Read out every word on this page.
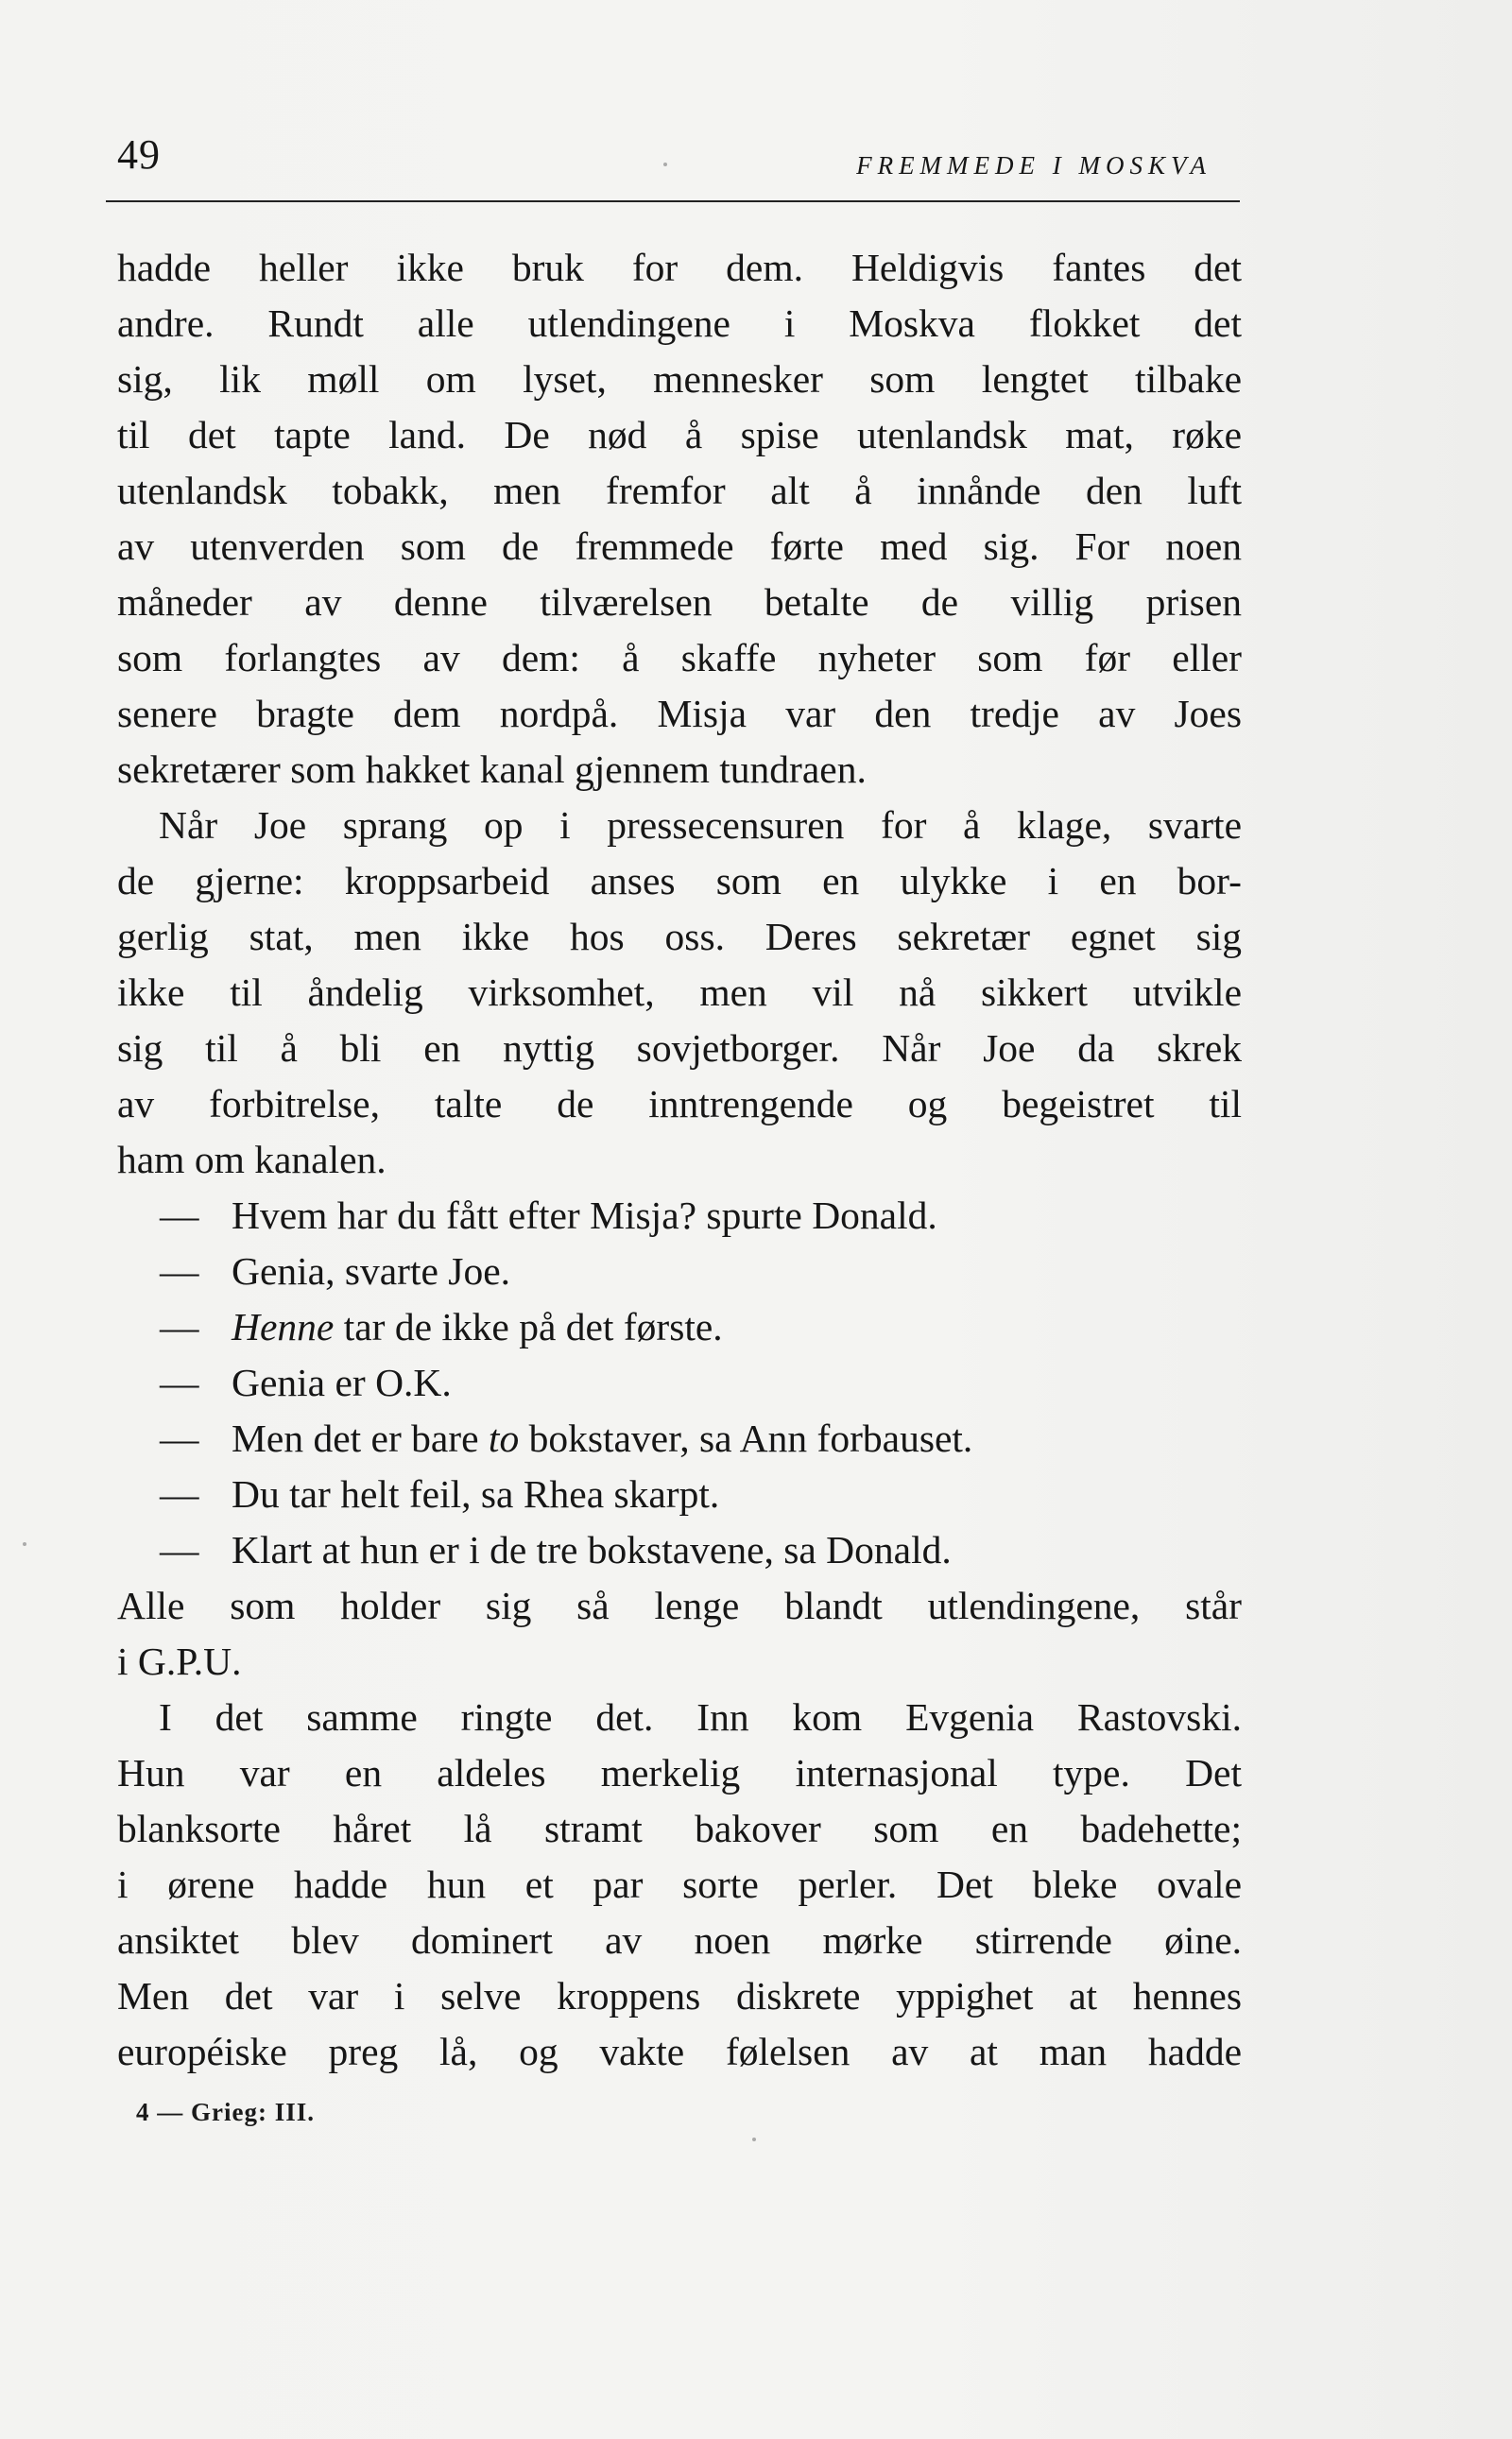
49	FREMMEDE I MOSKVA
hadde heller ikke bruk for dem. Heldigvis fantes det
andre. Rundt alle utlendingene i Moskva flokket det
sig, lik møll om lyset, mennesker som lengtet tilbake
til det tapte land. De nød å spise utenlandsk mat, røke
utenlandsk tobakk, men fremfor alt å innånde den luft
av utenverden som de fremmede førte med sig. For noen
måneder av denne tilværelsen betalte de villig prisen
som forlangtes av dem: å skaffe nyheter som før eller
senere bragte dem nordpå. Misja var den tredje av Joes
sekretærer som hakket kanal gjennem tundraen.
Når Joe sprang op i pressecensuren for å klage, svarte
de gjerne: kroppsarbeid anses som en ulykke i en bor-
gerlig stat, men ikke hos oss. Deres sekretær egnet sig
ikke til åndelig virksomhet, men vil nå sikkert utvikle
sig til å bli en nyttig sovjetborger. Når Joe da skrek
av forbitrelse, talte de inntrengende og begeistret til
ham om kanalen.
— Hvem har du fått efter Misja? spurte Donald.
— Genia, svarte Joe.
— Henne tar de ikke på det første.
— Genia er O.K.
— Men det er bare to bokstaver, sa Ann forbauset.
— Du tar helt feil, sa Rhea skarpt.
— Klart at hun er i de tre bokstavene, sa Donald.
Alle som holder sig så lenge blandt utlendingene, står
i G.P.U.
I det samme ringte det. Inn kom Evgenia Rastovski.
Hun var en aldeles merkelig internasjonal type. Det
blanksorte håret lå stramt bakover som en badehette;
i ørene hadde hun et par sorte perler. Det bleke ovale
ansiktet blev dominert av noen mørke stirrende øine.
Men det var i selve kroppens diskrete yppighet at hennes
européiske preg lå, og vakte følelsen av at man hadde
4 — Grieg: III.
